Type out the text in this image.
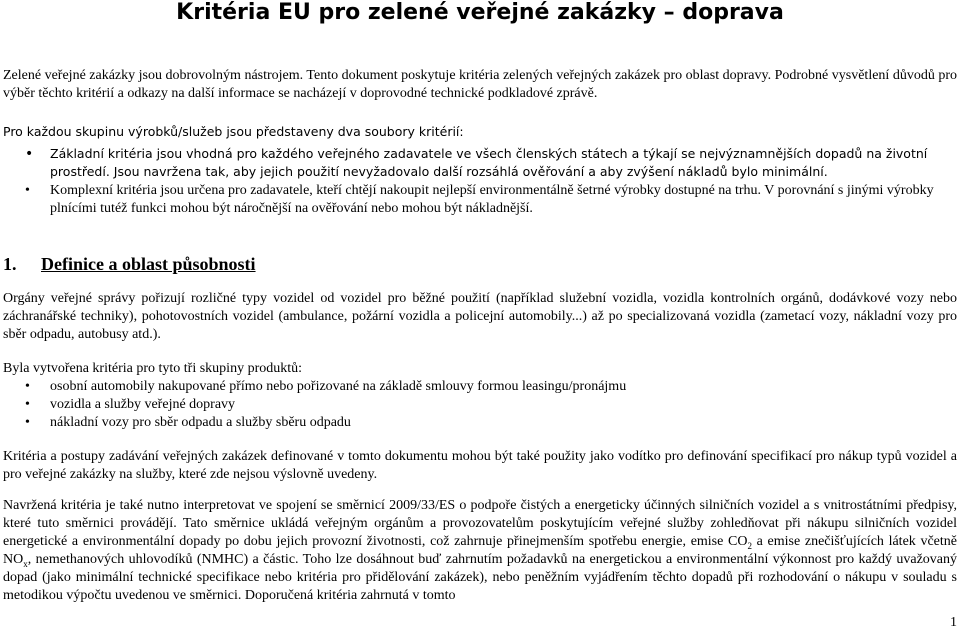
Kritéria EU pro zelené veřejné zakázky – doprava

Zelené veřejné zakázky jsou dobrovolným nástrojem. Tento dokument poskytuje kritéria zelených veřejných zakázek pro oblast dopravy. Podrobné vysvětlení důvodů pro výběr těchto kritérií a odkazy na další informace se nacházejí v doprovodné technické podkladové zprávě.

Pro každou skupinu výrobků/služeb jsou představeny dva soubory kritérií:

•
Základní kritéria jsou vhodná pro každého veřejného zadavatele ve všech členských státech a týkají se nejvýznamnějších dopadů na životní prostředí. Jsou navržena tak, aby jejich použití nevyžadovalo další rozsáhlá ověřování a aby zvýšení nákladů bylo minimální.
•
Komplexní kritéria jsou určena pro zadavatele, kteří chtějí nakoupit nejlepší environmentálně šetrné výrobky dostupné na trhu. V porovnání s jinými výrobky plnícími tutéž funkci mohou být náročnější na ověřování nebo mohou být nákladnější.
1. Definice a oblast působnosti

Orgány veřejné správy pořizují rozličné typy vozidel od vozidel pro běžné použití (například služební vozidla, vozidla kontrolních orgánů, dodávkové vozy nebo záchranářské techniky), pohotovostních vozidel (ambulance, požární vozidla a policejní automobily...) až po specializovaná vozidla (zametací vozy, nákladní vozy pro sběr odpadu, autobusy atd.).

Byla vytvořena kritéria pro tyto tři skupiny produktů:

•
osobní automobily nakupované přímo nebo pořizované na základě smlouvy formou leasingu/pronájmu
•
vozidla a služby veřejné dopravy
•
nákladní vozy pro sběr odpadu a služby sběru odpadu

Kritéria a postupy zadávání veřejných zakázek definované v tomto dokumentu mohou být také použity jako vodítko pro definování specifikací pro nákup typů vozidel a pro veřejné zakázky na služby, které zde nejsou výslovně uvedeny.

Navržená kritéria je také nutno interpretovat ve spojení se směrnicí 2009/33/ES o podpoře čistých a energeticky účinných silničních vozidel a s vnitrostátními předpisy, které tuto směrnici provádějí. Tato směrnice ukládá veřejným orgánům a provozovatelům poskytujícím veřejné služby zohledňovat při nákupu silničních vozidel energetické a environmentální dopady po dobu jejich provozní životnosti, což zahrnuje přinejmenším spotřebu energie, emise $CO_2$ a emise znečišťujících látek včetně $NO_x$, nemethanových uhlovodíků (NMHC) a částic. Toho lze dosáhnout buď zahrnutím požadavků na energetickou a environmentální výkonnost pro každý uvažovaný dopad (jako minimální technické specifikace nebo kritéria pro přidělování zakázek), nebo peněžním vyjádřením těchto dopadů při rozhodování o nákupu v souladu s metodikou výpočtu uvedenou ve směrnici. Doporučená kritéria zahrnutá v tomto

1
